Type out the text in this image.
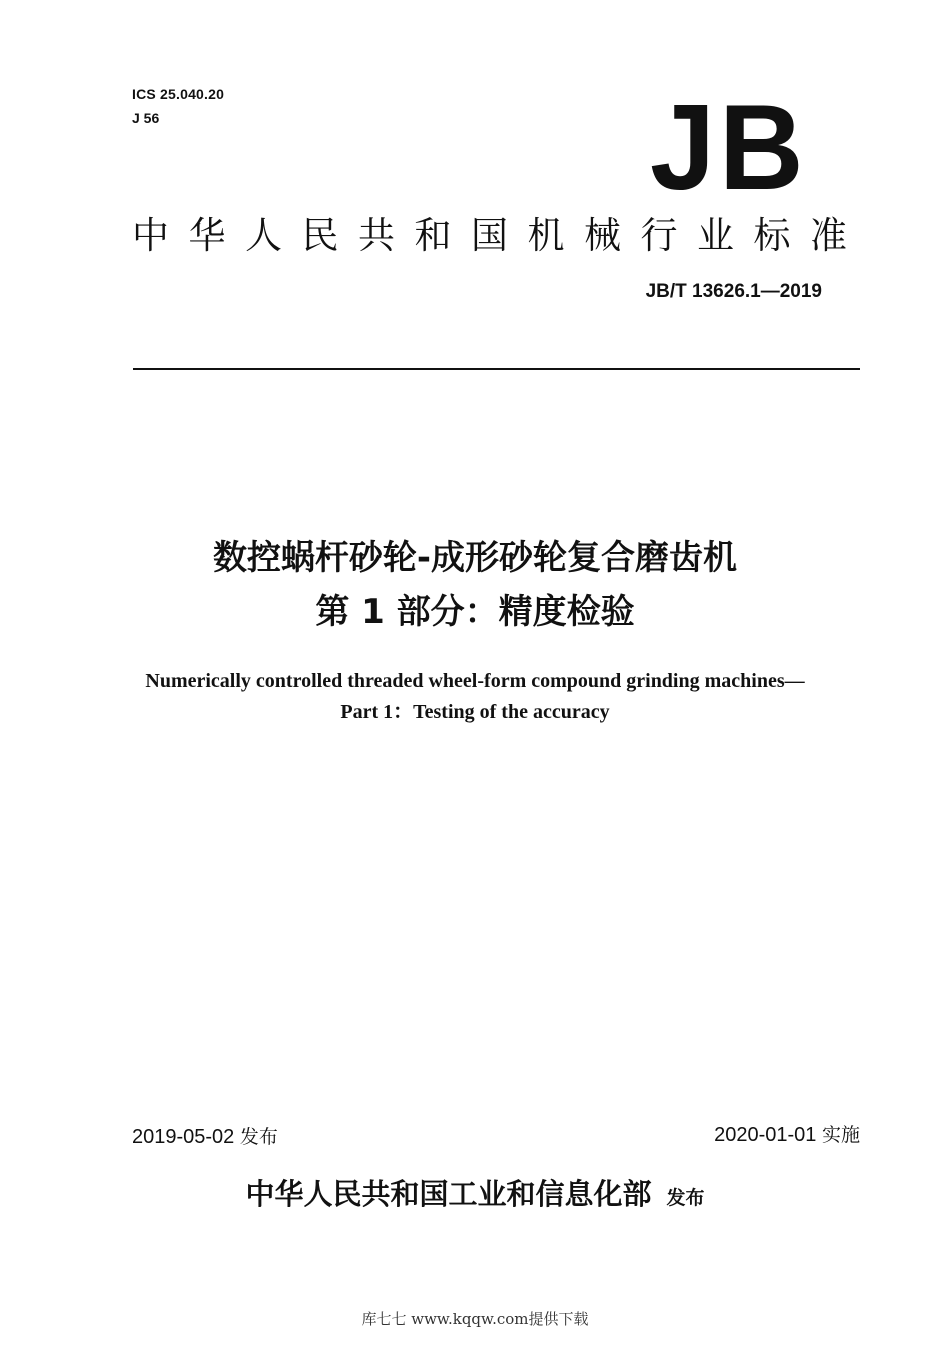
ICS 25.040.20
J 56	JB
中华人民共和国机械行业标准
JB/T 13626.1—2019
数控蜗杆砂轮-成形砂轮复合磨齿机
第 1 部分：精度检验
Numerically controlled threaded wheel-form compound grinding machines—
Part 1：Testing of the accuracy
2019-05-02 发布	2020-01-01 实施
中华人民共和国工业和信息化部 发布
库七七 www.kqqw.com提供下载
